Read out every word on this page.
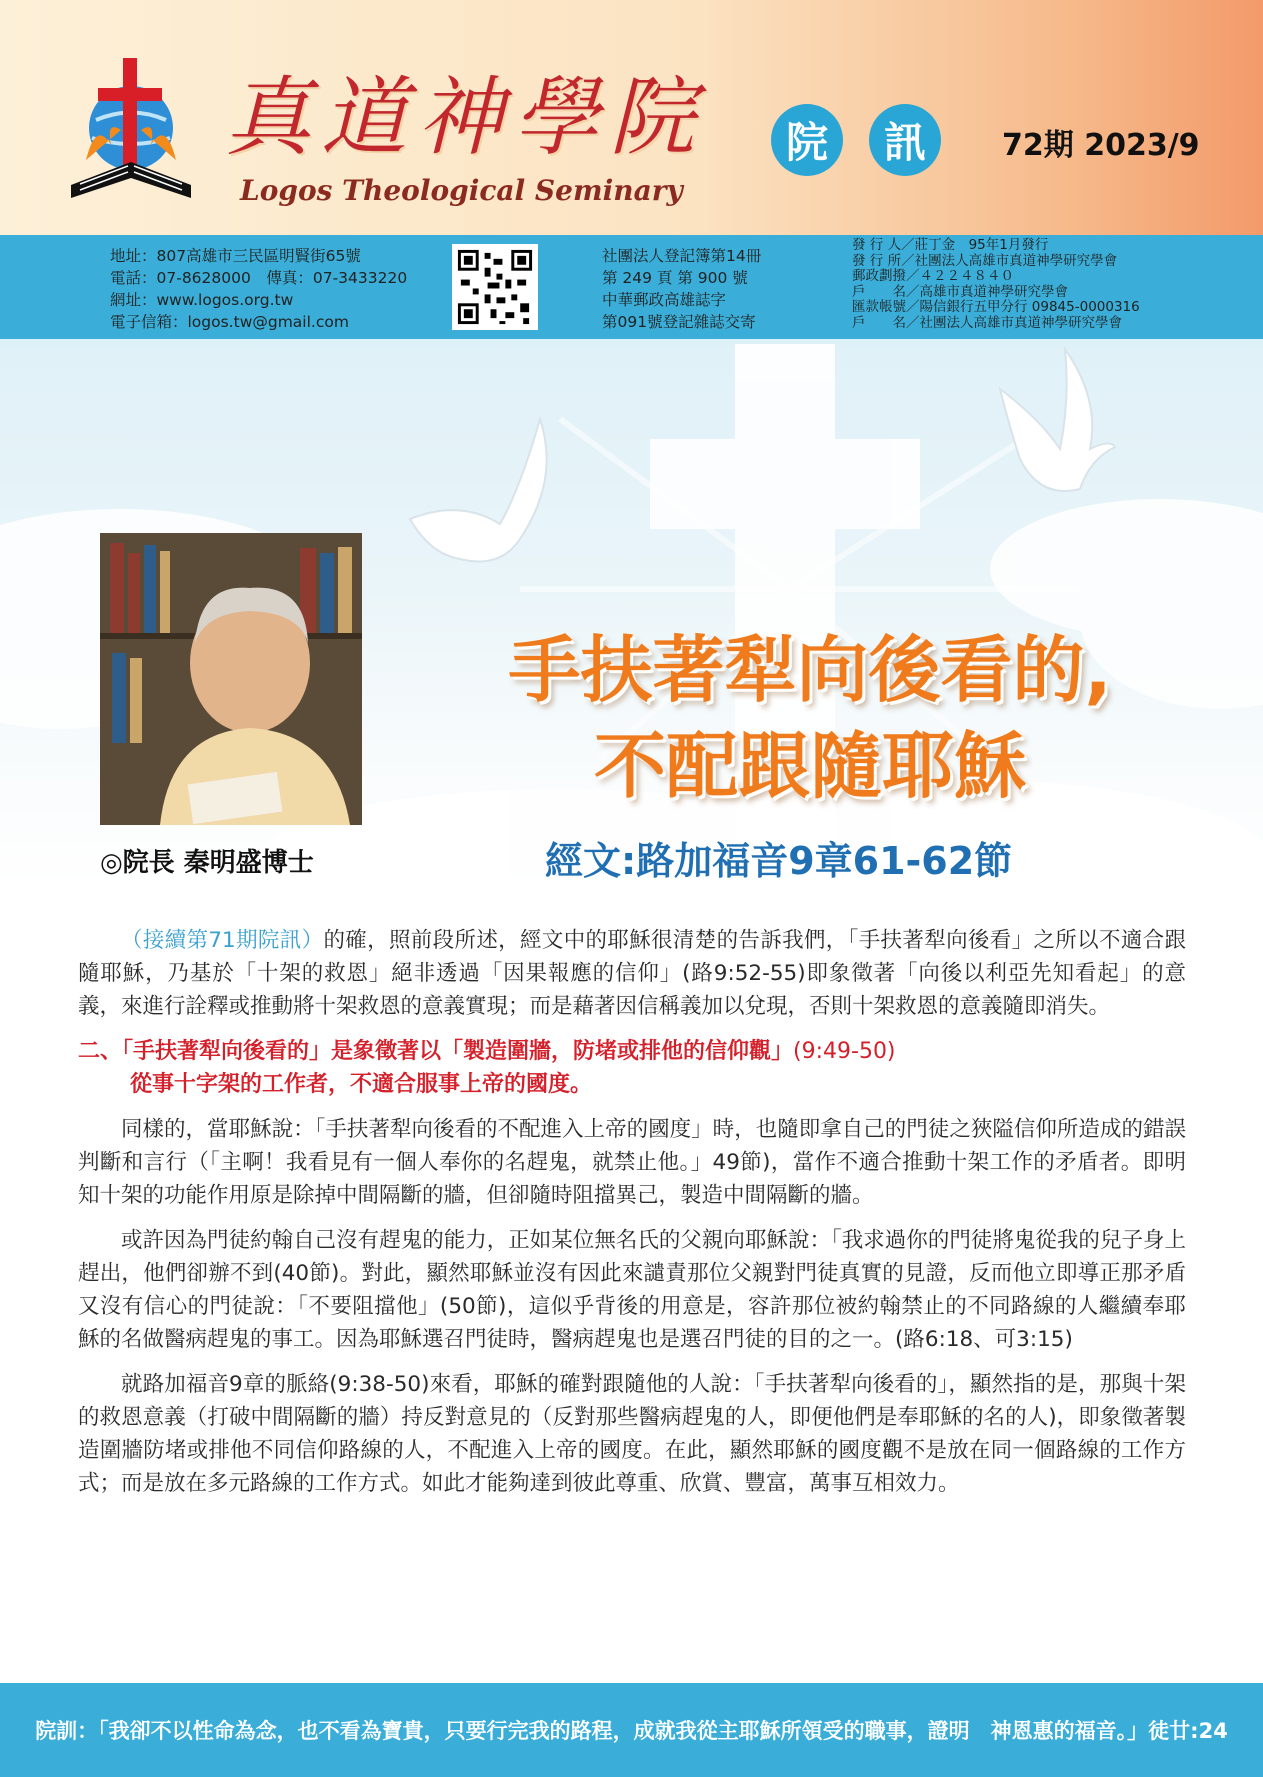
真道神學院
Logos Theological Seminary
院	訊	72期 2023/9
地址：807高雄市三民區明賢街65號
電話：07-8628000　傳真：07-3433220
網址：www.logos.org.tw
電子信箱：logos.tw@gmail.com
社團法人登記簿第14冊
第 249 頁 第 900 號
中華郵政高雄誌字
第091號登記雜誌交寄
發 行 人／莊丁金　95年1月發行
發 行 所／社團法人高雄市真道神學研究學會
郵政劃撥／４２２４８４０
戶　　名／高雄市真道神學研究學會
匯款帳號／陽信銀行五甲分行 09845-0000316
戶　　名／社團法人高雄市真道神學研究學會
◎院長 秦明盛博士
手扶著犁向後看的,
不配跟隨耶穌
經文:路加福音9章61-62節

（接續第71期院訊）的確，照前段所述，經文中的耶穌很清楚的告訴我們，「手扶著犁向後看」之所以不適合跟隨耶穌，乃基於「十架的救恩」絕非透過「因果報應的信仰」(路9:52-55)即象徵著「向後以利亞先知看起」的意義，來進行詮釋或推動將十架救恩的意義實現；而是藉著因信稱義加以兌現，否則十架救恩的意義隨即消失。

二、「手扶著犁向後看的」是象徵著以「製造圍牆，防堵或排他的信仰觀」(9:49-50)
從事十字架的工作者，不適合服事上帝的國度。

同樣的，當耶穌說：「手扶著犁向後看的不配進入上帝的國度」時，也隨即拿自己的門徒之狹隘信仰所造成的錯誤判斷和言行（「主啊！我看見有一個人奉你的名趕鬼，就禁止他。」49節)，當作不適合推動十架工作的矛盾者。即明知十架的功能作用原是除掉中間隔斷的牆，但卻隨時阻擋異己，製造中間隔斷的牆。

或許因為門徒約翰自己沒有趕鬼的能力，正如某位無名氏的父親向耶穌說：「我求過你的門徒將鬼從我的兒子身上趕出，他們卻辦不到(40節)。對此，顯然耶穌並沒有因此來譴責那位父親對門徒真實的見證，反而他立即導正那矛盾又沒有信心的門徒說：「不要阻擋他」(50節)，這似乎背後的用意是，容許那位被約翰禁止的不同路線的人繼續奉耶穌的名做醫病趕鬼的事工。因為耶穌選召門徒時，醫病趕鬼也是選召門徒的目的之一。(路6:18、可3:15)

就路加福音9章的脈絡(9:38-50)來看，耶穌的確對跟隨他的人說：「手扶著犁向後看的」，顯然指的是，那與十架的救恩意義（打破中間隔斷的牆）持反對意見的（反對那些醫病趕鬼的人，即便他們是奉耶穌的名的人)，即象徵著製造圍牆防堵或排他不同信仰路線的人，不配進入上帝的國度。在此，顯然耶穌的國度觀不是放在同一個路線的工作方式；而是放在多元路線的工作方式。如此才能夠達到彼此尊重、欣賞、豐富，萬事互相效力。

院訓：「我卻不以性命為念，也不看為寶貴，只要行完我的路程，成就我從主耶穌所領受的職事，證明　神恩惠的福音。」徒廿:24
